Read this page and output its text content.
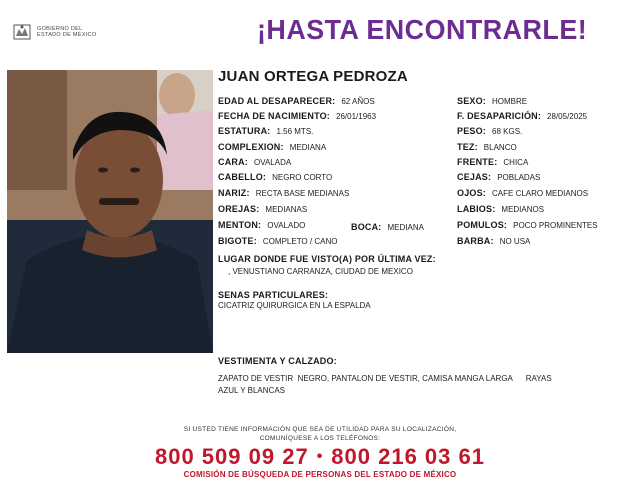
GOBIERNO DEL
ESTADO DE MÉXICO	¡HASTA ENCONTRARLE!
JUAN ORTEGA PEDROZA
EDAD AL DESAPARECER: 62 AÑOS
FECHA DE NACIMIENTO: 26/01/1963
ESTATURA: 1.56 MTS.
COMPLEXION: MEDIANA
CARA: OVALADA
CABELLO: NEGRO CORTO
NARIZ: RECTA BASE MEDIANAS
OREJAS: MEDIANAS
MENTON: OVALADO	BOCA: MEDIANA
BIGOTE: COMPLETO / CANO
SEXO: HOMBRE
F. DESAPARICIÓN: 28/05/2025
PESO: 68 KGS.
TEZ: BLANCO
FRENTE: CHICA
CEJAS: POBLADAS
OJOS: CAFE CLARO MEDIANOS
LABIOS: MEDIANOS
POMULOS: POCO PROMINENTES
BARBA: NO USA
LUGAR DONDE FUE VISTO(A) POR ÚLTIMA VEZ:
, VENUSTIANO CARRANZA, CIUDAD DE MEXICO
SENAS PARTICULARES:
CICATRIZ QUIRURGICA EN LA ESPALDA
VESTIMENTA Y CALZADO:
ZAPATO DE VESTIR  NEGRO, PANTALON DE VESTIR, CAMISA MANGA LARGA      RAYAS
AZUL Y BLANCAS
SI USTED TIENE INFORMACIÓN QUE SEA DE UTILIDAD PARA SU LOCALIZACIÓN,
COMUNÍQUESE A LOS TELÉFONOS:
800 509 09 27 • 800 216 03 61
COMISIÓN DE BÚSQUEDA DE PERSONAS DEL ESTADO DE MÉXICO
